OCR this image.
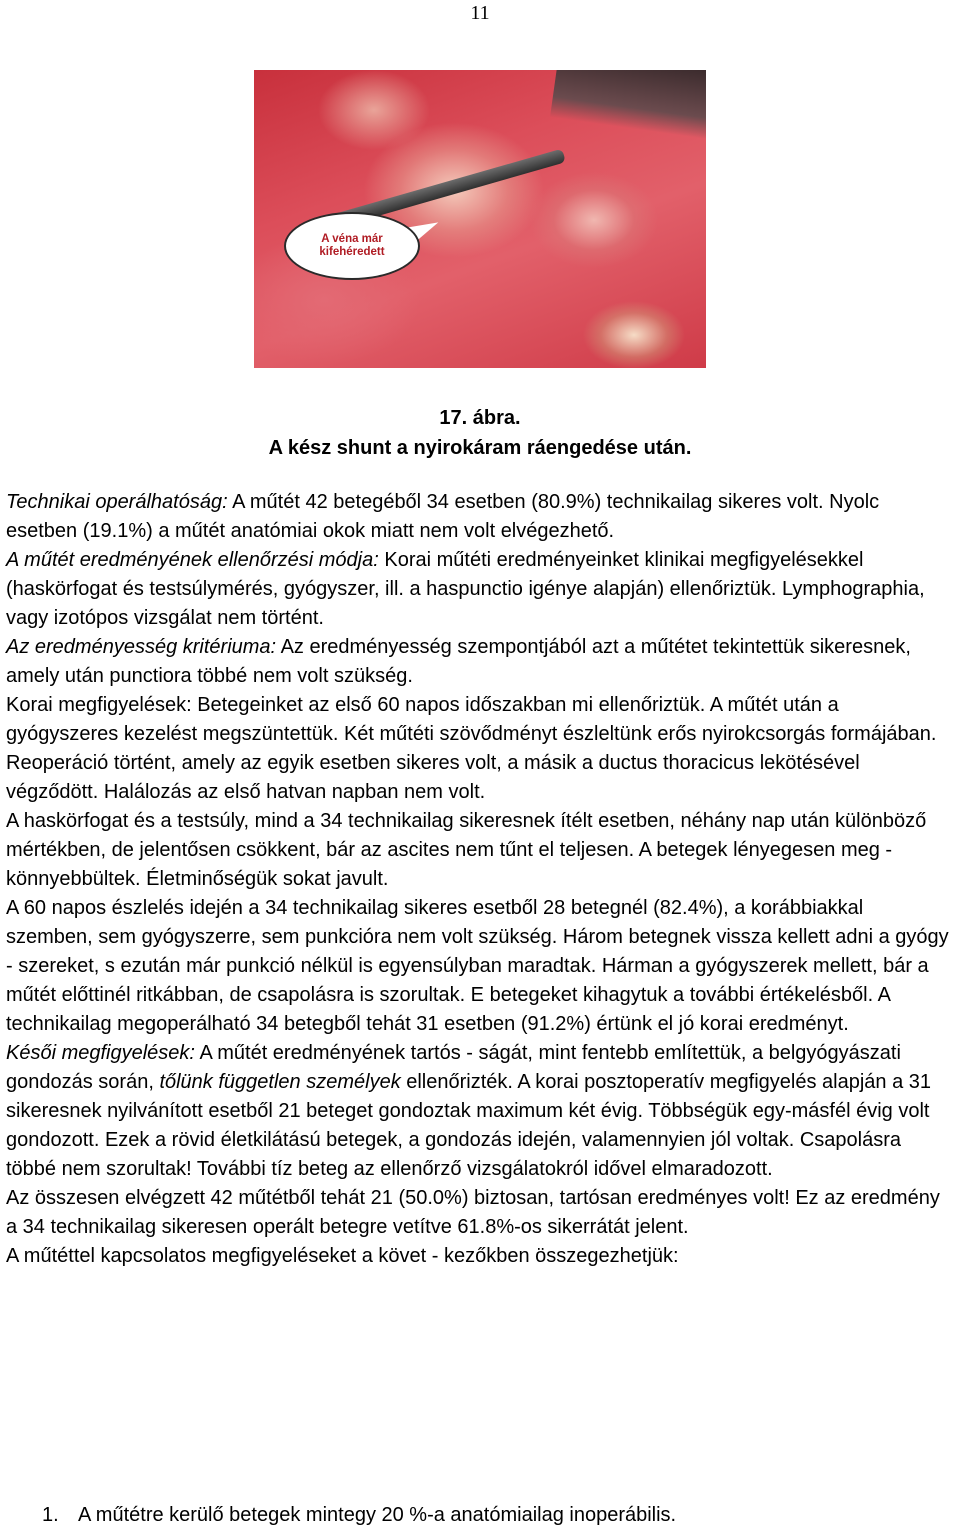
11
A véna már
kifehéredett
17. ábra.
A kész shunt a nyirokáram ráengedése után.

Technikai operálhatóság: A műtét 42 betegéből 34 esetben (80.9%) technikailag sikeres volt. Nyolc esetben (19.1%) a műtét anatómiai okok miatt nem volt elvégezhető.

A műtét eredményének ellenőrzési módja: Korai műtéti eredményeinket klinikai megfigyelésekkel (haskörfogat és testsúlymérés, gyógyszer, ill. a haspunctio igénye alapján) ellenőriztük. Lymphographia, vagy izotópos vizsgálat nem történt.

Az eredményesség kritériuma: Az eredményesség szempontjából azt a műtétet tekintettük sikeresnek, amely után punctiora többé nem volt szükség.

Korai megfigyelések: Betegeinket az első 60 napos időszakban mi ellenőriztük. A műtét után a gyógyszeres kezelést megszüntettük. Két műtéti szövődményt észleltünk erős nyirokcsorgás formájában. Reoperáció történt, amely az egyik esetben sikeres volt, a másik a ductus thoracicus lekötésével végződött. Halálozás az első hatvan napban nem volt.

A haskörfogat és a testsúly, mind a 34 technikailag sikeresnek ítélt esetben, néhány nap után különböző mértékben, de jelentősen csökkent, bár az ascites nem tűnt el teljesen. A betegek lényegesen meg - könnyebbültek. Életminőségük sokat javult.

A 60 napos észlelés idején a 34 technikailag sikeres esetből 28 betegnél (82.4%), a korábbiakkal szemben, sem gyógyszerre, sem punkcióra nem volt szükség. Három betegnek vissza kellett adni a gyógy - szereket, s ezután már punkció nélkül is egyensúlyban maradtak. Hárman a gyógyszerek mellett, bár a műtét előttinél ritkábban, de csapolásra is szorultak. E betegeket kihagytuk a további értékelésből. A technikailag megoperálható 34 betegből tehát 31 esetben (91.2%) értünk el jó korai eredményt.

Késői megfigyelések: A műtét eredményének tartós - ságát, mint fentebb említettük, a belgyógyászati gondozás során, tőlünk független személyek ellenőrizték. A korai posztoperatív megfigyelés alapján a 31 sikeresnek nyilvánított esetből 21 beteget gondoztak maximum két évig. Többségük egy-másfél évig volt gondozott. Ezek a rövid életkilátású betegek, a gondozás idején, valamennyien jól voltak. Csapolásra többé nem szorultak! További tíz beteg az ellenőrző vizsgálatokról idővel elmaradozott.

Az összesen elvégzett 42 műtétből tehát 21 (50.0%) biztosan, tartósan eredményes volt! Ez az eredmény a 34 technikailag sikeresen operált betegre vetítve 61.8%-os sikerrátát jelent.

A műtéttel kapcsolatos megfigyeléseket a követ - kezőkben összegezhetjük:

1. A műtétre kerülő betegek mintegy 20 %-a anatómiailag inoperábilis.
